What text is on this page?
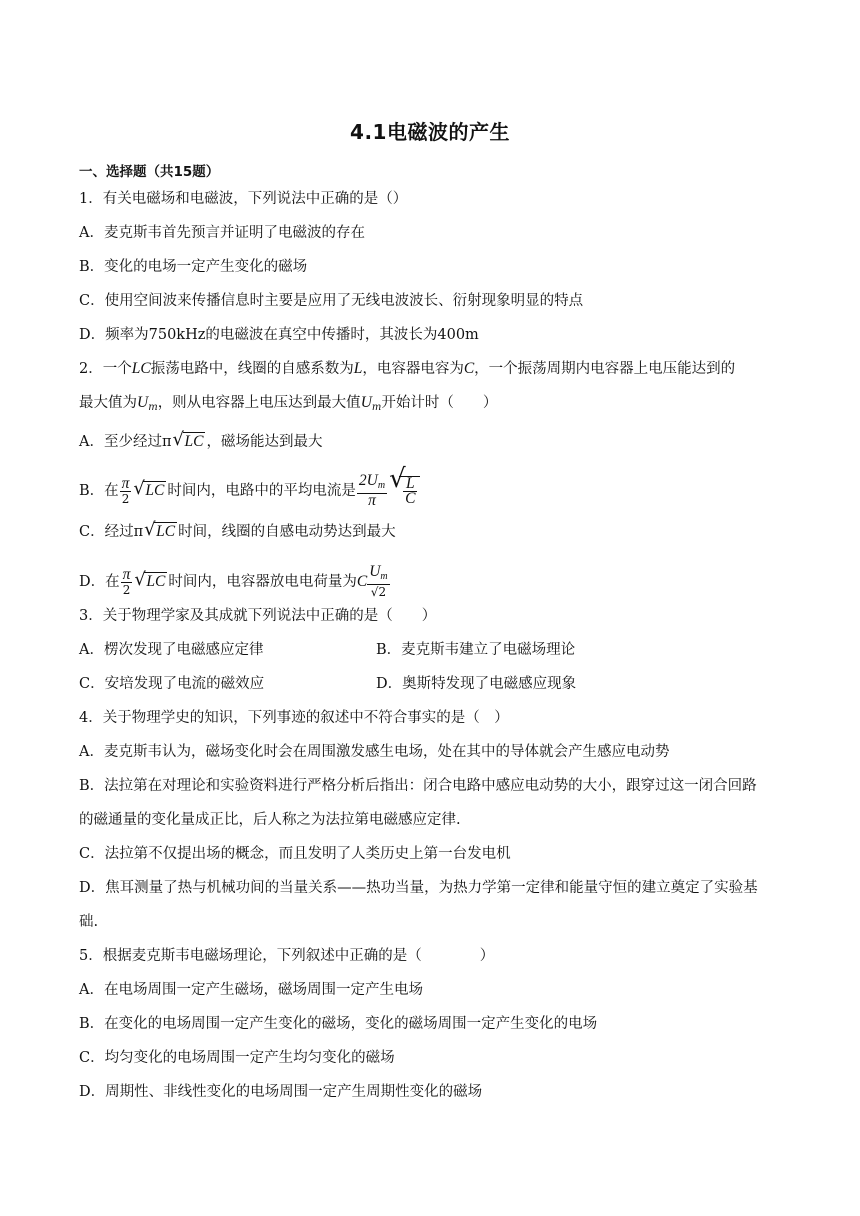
4.1电磁波的产生
一、选择题（共15题）
1．有关电磁场和电磁波，下列说法中正确的是（）
A．麦克斯韦首先预言并证明了电磁波的存在
B．变化的电场一定产生变化的磁场
C．使用空间波来传播信息时主要是应用了无线电波波长、衍射现象明显的特点
D．频率为750kHz的电磁波在真空中传播时，其波长为400m
2．一个LC振荡电路中，线圈的自感系数为L，电容器电容为C，一个振荡周期内电容器上电压能达到的
最大值为$U_m$，则从电容器上电压达到最大值$U_m$开始计时（　　）
A．至少经过π √ LC ，磁场能达到最大
B．在 $\frac{\pi}{2}$ √ LC 时间内，电路中的平均电流是 $\frac{2U_m}{\pi}$ √
$\frac{L}{C}$
C．经过π √ LC 时间，线圈的自感电动势达到最大
D．在 $\frac{\pi}{2}$ √ LC 时间内，电容器放电电荷量为C
$U_m$
√2
3．关于物理学家及其成就下列说法中正确的是（　　）
A．楞次发现了电磁感应定律	B．麦克斯韦建立了电磁场理论
C．安培发现了电流的磁效应	D．奥斯特发现了电磁感应现象
4．关于物理学史的知识，下列事迹的叙述中不符合事实的是（　）
A．麦克斯韦认为，磁场变化时会在周围激发感生电场，处在其中的导体就会产生感应电动势
B．法拉第在对理论和实验资料进行严格分析后指出：闭合电路中感应电动势的大小，跟穿过这一闭合回路
的磁通量的变化量成正比，后人称之为法拉第电磁感应定律.
C．法拉第不仅提出场的概念，而且发明了人类历史上第一台发电机
D．焦耳测量了热与机械功间的当量关系——热功当量，为热力学第一定律和能量守恒的建立奠定了实验基
础.
5．根据麦克斯韦电磁场理论，下列叙述中正确的是（　　　　）
A．在电场周围一定产生磁场，磁场周围一定产生电场
B．在变化的电场周围一定产生变化的磁场，变化的磁场周围一定产生变化的电场
C．均匀变化的电场周围一定产生均匀变化的磁场
D．周期性、非线性变化的电场周围一定产生周期性变化的磁场
